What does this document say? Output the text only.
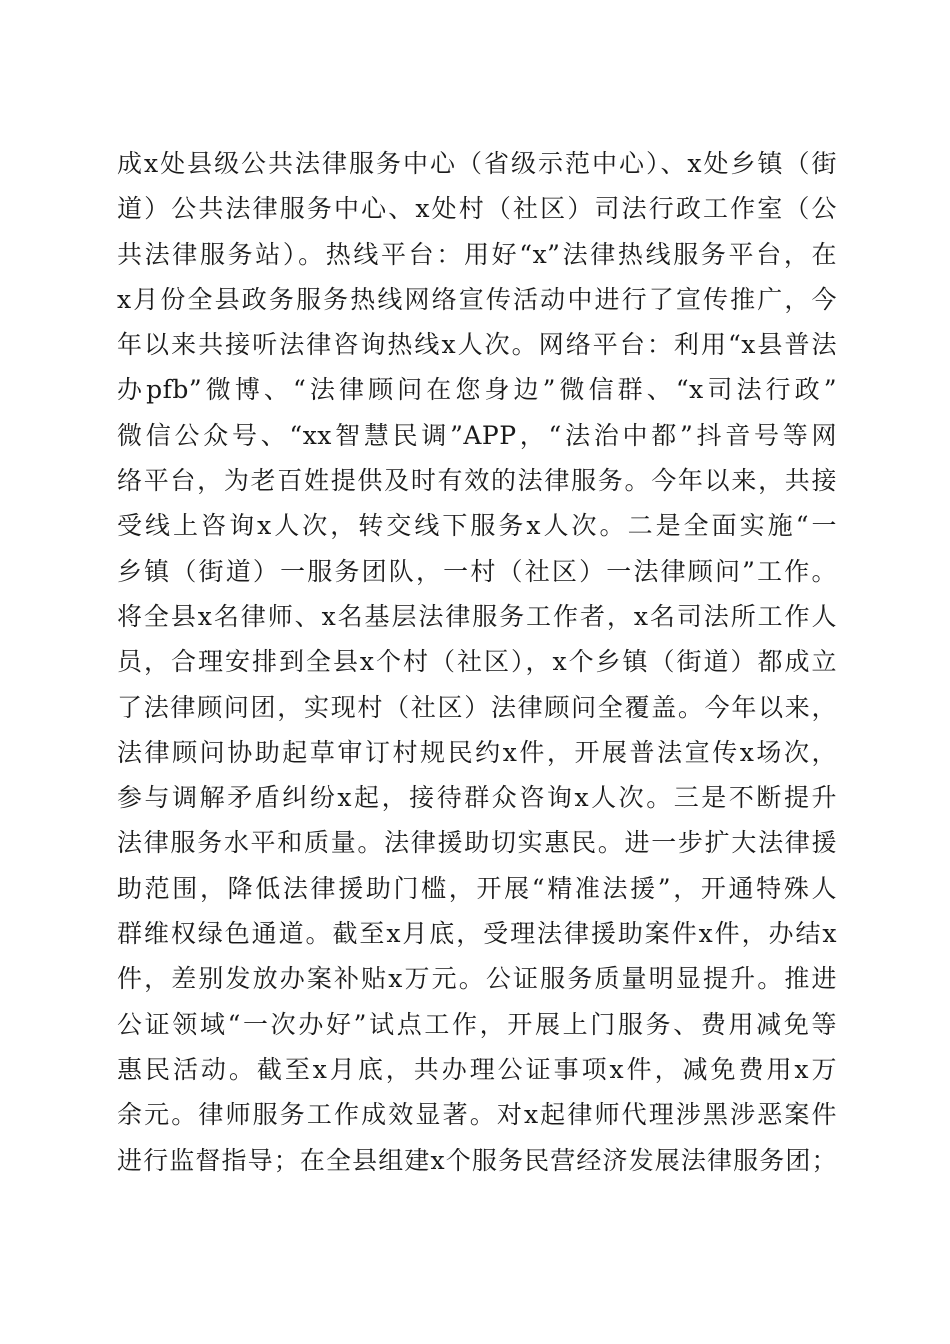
成x处县级公共法律服务中心（省级示范中心）、x处乡镇（街
道）公共法律服务中心、x处村（社区）司法行政工作室（公
共法律服务站）。热线平台：用好“x”法律热线服务平台，在
x月份全县政务服务热线网络宣传活动中进行了宣传推广，今
年以来共接听法律咨询热线x人次。网络平台：利用“x县普法
办pfb”微博、“法律顾问在您身边”微信群、“x司法行政”
微信公众号、“xx智慧民调”APP，“法治中都”抖音号等网
络平台，为老百姓提供及时有效的法律服务。今年以来，共接
受线上咨询x人次，转交线下服务x人次。二是全面实施“一
乡镇（街道）一服务团队，一村（社区）一法律顾问”工作。
将全县x名律师、x名基层法律服务工作者，x名司法所工作人
员，合理安排到全县x个村（社区），x个乡镇（街道）都成立
了法律顾问团，实现村（社区）法律顾问全覆盖。今年以来，
法律顾问协助起草审订村规民约x件，开展普法宣传x场次，
参与调解矛盾纠纷x起，接待群众咨询x人次。三是不断提升
法律服务水平和质量。法律援助切实惠民。进一步扩大法律援
助范围，降低法律援助门槛，开展“精准法援”，开通特殊人
群维权绿色通道。截至x月底，受理法律援助案件x件，办结x
件，差别发放办案补贴x万元。公证服务质量明显提升。推进
公证领域“一次办好”试点工作，开展上门服务、费用减免等
惠民活动。截至x月底，共办理公证事项x件，减免费用x万
余元。律师服务工作成效显著。对x起律师代理涉黑涉恶案件
进行监督指导；在全县组建x个服务民营经济发展法律服务团；
